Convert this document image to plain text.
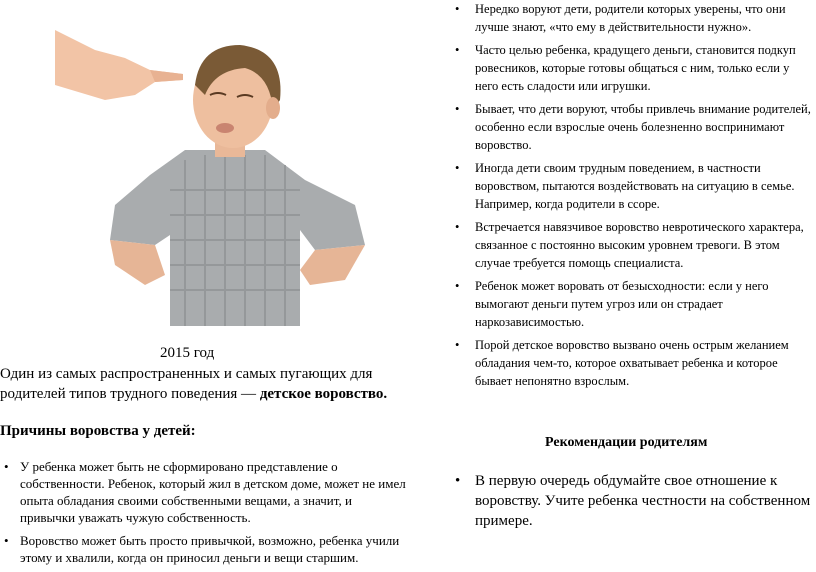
2015 год
Один из самых распространенных и самых пугающих для родителей типов трудного поведения — детское воровство.
Причины воровства у детей:
• У ребенка может быть не сформировано представление о собственности. Ребенок, который жил в детском доме, может не имел опыта обладания своими собственными вещами, а значит, и привычки уважать чужую собственность.
• Воровство может быть просто привычкой, возможно, ребенка учили этому и хвалили, когда он приносил деньги и вещи старшим.
• Нередко воруют дети, родители которых уверены, что они лучше знают, «что ему в действительности нужно».
• Часто целью ребенка, крадущего деньги, становится подкуп ровесников, которые готовы общаться с ним, только если у него есть сладости или игрушки.
• Бывает, что дети воруют, чтобы привлечь внимание родителей, особенно если взрослые очень болезненно воспринимают воровство.
• Иногда дети своим трудным поведением, в частности воровством, пытаются воздействовать на ситуацию в семье. Например, когда родители в ссоре.
• Встречается навязчивое воровство невротического характера, связанное с постоянно высоким уровнем тревоги. В этом случае требуется помощь специалиста.
• Ребенок может воровать от безысходности: если у него вымогают деньги путем угроз или он страдает наркозависимостью.
• Порой детское воровство вызвано очень острым желанием обладания чем-то, которое охватывает ребенка и которое бывает непонятно взрослым.
Рекомендации родителям
• В первую очередь обдумайте свое отношение к воровству. Учите ребенка честности на собственном примере.
